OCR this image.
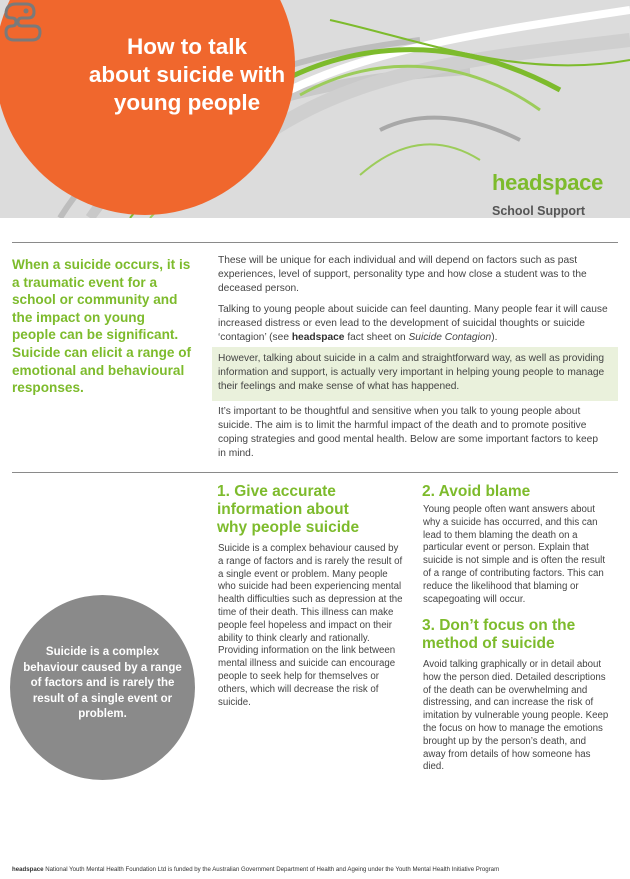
How to talk
about suicide with
young people
headspace
School Support
When a suicide occurs, it is a traumatic event for a school or community and the impact on young people can be significant. Suicide can elicit a range of emotional and behavioural responses.
These will be unique for each individual and will depend on factors such as past experiences, level of support, personality type and how close a student was to the deceased person.
Talking to young people about suicide can feel daunting. Many people fear it will cause increased distress or even lead to the development of suicidal thoughts or suicide ‘contagion’ (see headspace fact sheet on Suicide Contagion).
However, talking about suicide in a calm and straightforward way, as well as providing information and support, is actually very important in helping young people to manage their feelings and make sense of what has happened.
It’s important to be thoughtful and sensitive when you talk to young people about suicide. The aim is to limit the harmful impact of the death and to promote positive coping strategies and good mental health. Below are some important factors to keep in mind.
1. Give accurate
information about
why people suicide
Suicide is a complex behaviour caused by a range of factors and is rarely the result of a single event or problem. Many people who suicide had been experiencing mental health difficulties such as depression at the time of their death. This illness can make people feel hopeless and impact on their ability to think clearly and rationally. Providing information on the link between mental illness and suicide can encourage people to seek help for themselves or others, which will decrease the risk of suicide.
2. Avoid blame
Young people often want answers about why a suicide has occurred, and this can lead to them blaming the death on a particular event or person. Explain that suicide is not simple and is often the result of a range of contributing factors. This can reduce the likelihood that blaming or scapegoating will occur.
3. Don’t focus on the
method of suicide
Avoid talking graphically or in detail about how the person died. Detailed descriptions of the death can be overwhelming and distressing, and can increase the risk of imitation by vulnerable young people. Keep the focus on how to manage the emotions brought up by the person’s death, and away from details of how someone has died.
Suicide is a complex behaviour caused by a range of factors and is rarely the result of a single event or problem.
headspace National Youth Mental Health Foundation Ltd is funded by the Australian Government Department of Health and Ageing under the Youth Mental Health Initiative Program
